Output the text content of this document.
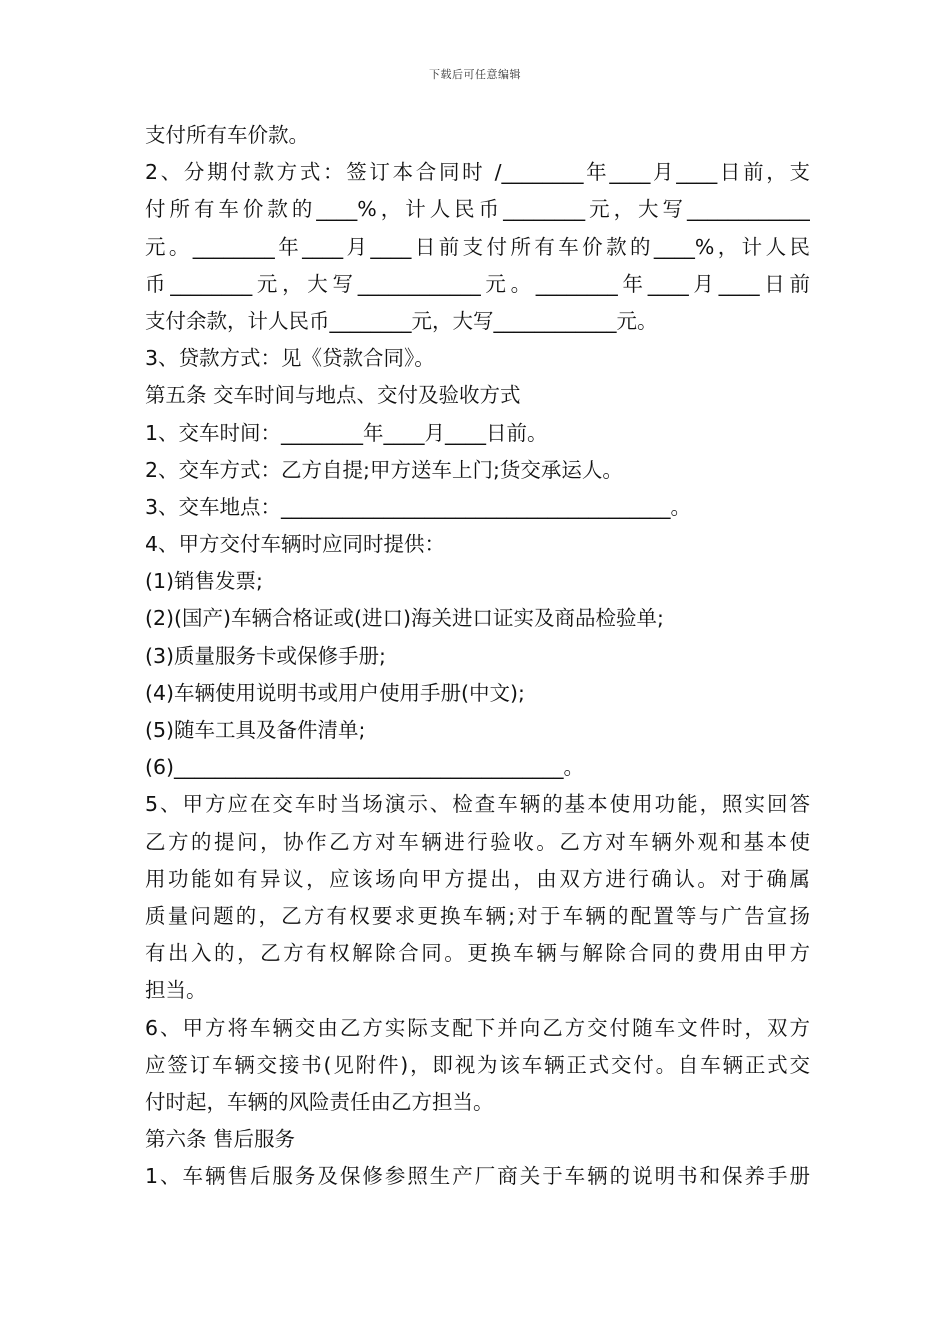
下载后可任意编辑
支付所有车价款。
2、分期付款方式：签订本合同时 /________年____月____日前，支
付所有车价款的____%，计人民币________元，大写____________
元。________年____月____日前支付所有车价款的____%，计人民
币________元，大写____________元。________年____月____日前
支付余款，计人民币________元，大写____________元。
3、贷款方式：见《贷款合同》。
第五条 交车时间与地点、交付及验收方式
1、交车时间：________年____月____日前。
2、交车方式：乙方自提;甲方送车上门;货交承运人。
3、交车地点：______________________________________。
4、甲方交付车辆时应同时提供：
(1)销售发票;
(2)(国产)车辆合格证或(进口)海关进口证实及商品检验单;
(3)质量服务卡或保修手册;
(4)车辆使用说明书或用户使用手册(中文);
(5)随车工具及备件清单;
(6)______________________________________。
5、甲方应在交车时当场演示、检查车辆的基本使用功能，照实回答
乙方的提问，协作乙方对车辆进行验收。乙方对车辆外观和基本使
用功能如有异议，应该场向甲方提出，由双方进行确认。对于确属
质量问题的，乙方有权要求更换车辆;对于车辆的配置等与广告宣扬
有出入的，乙方有权解除合同。更换车辆与解除合同的费用由甲方
担当。
6、甲方将车辆交由乙方实际支配下并向乙方交付随车文件时，双方
应签订车辆交接书(见附件)，即视为该车辆正式交付。自车辆正式交
付时起，车辆的风险责任由乙方担当。
第六条 售后服务
1、车辆售后服务及保修参照生产厂商关于车辆的说明书和保养手册
